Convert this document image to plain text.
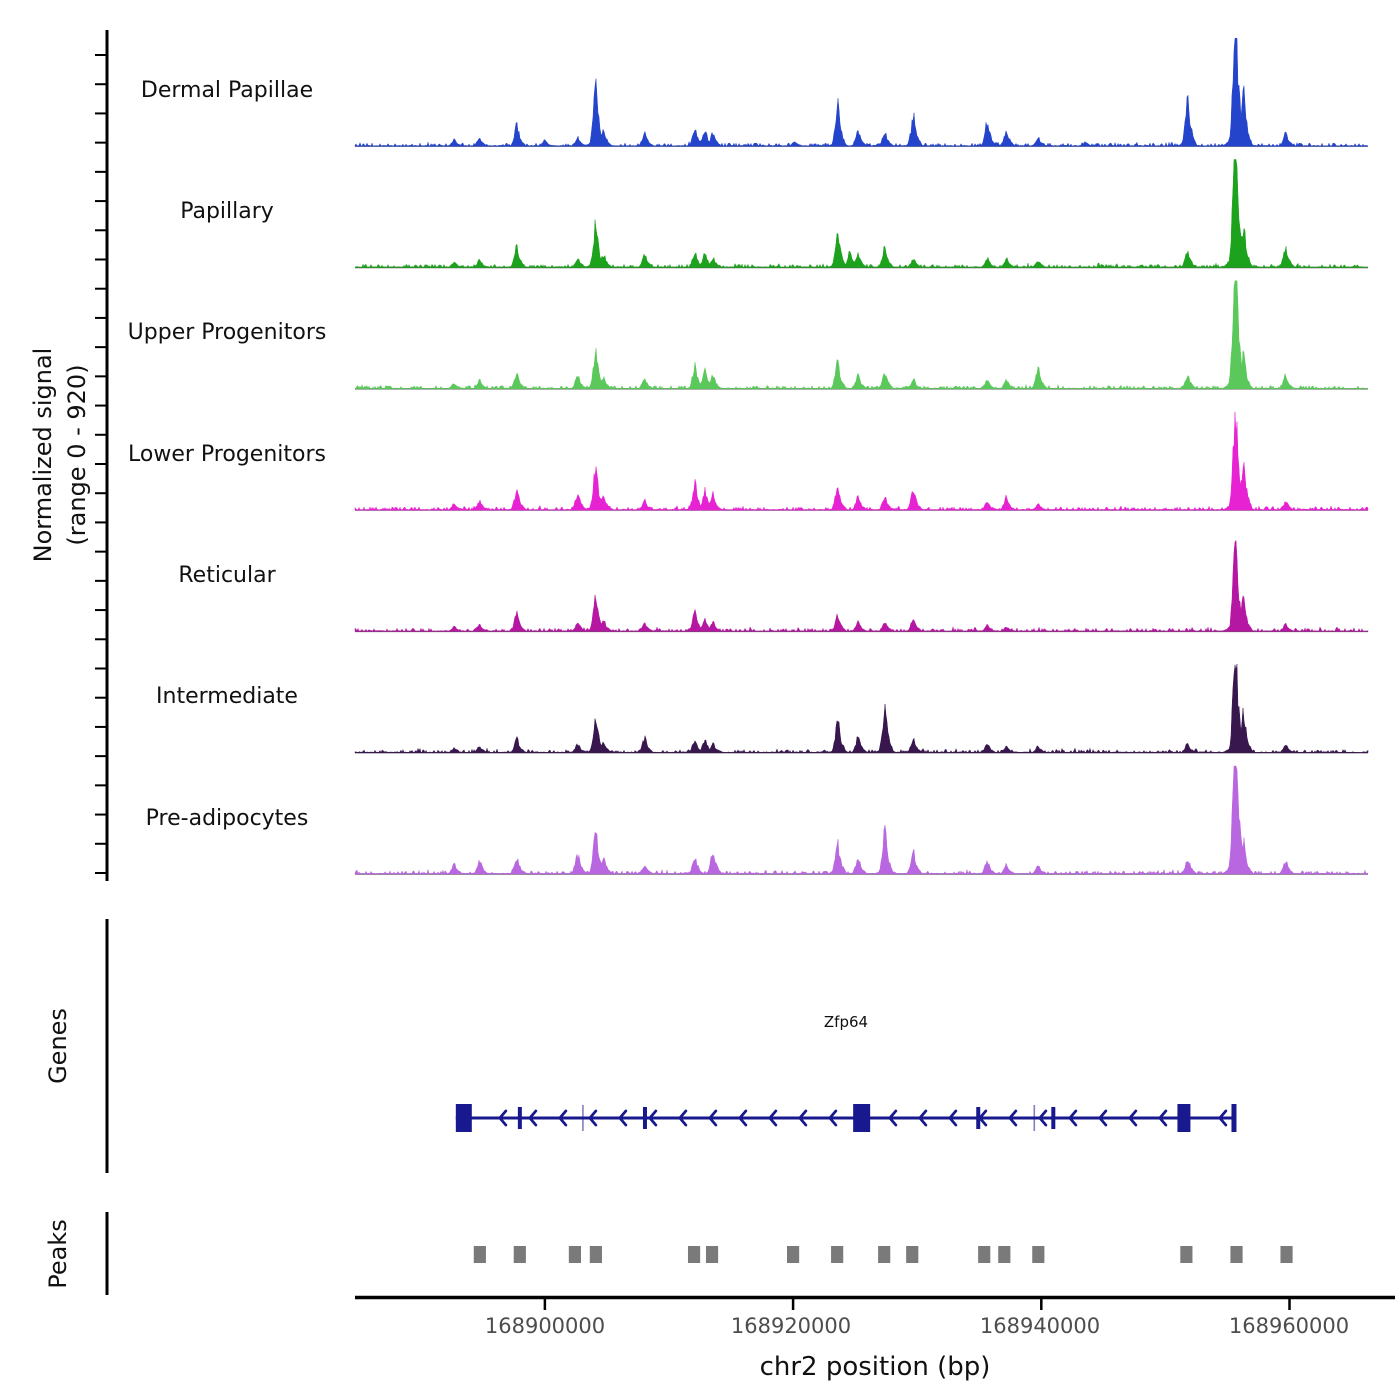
Normalized signal (range 0 - 920)
Dermal Papillae
Papillary
Upper Progenitors
Lower Progenitors
Reticular
Intermediate
Pre-adipocytes
Genes
Peaks
Zfp64
168900000	168920000	168940000	168960000
chr2 position (bp)
